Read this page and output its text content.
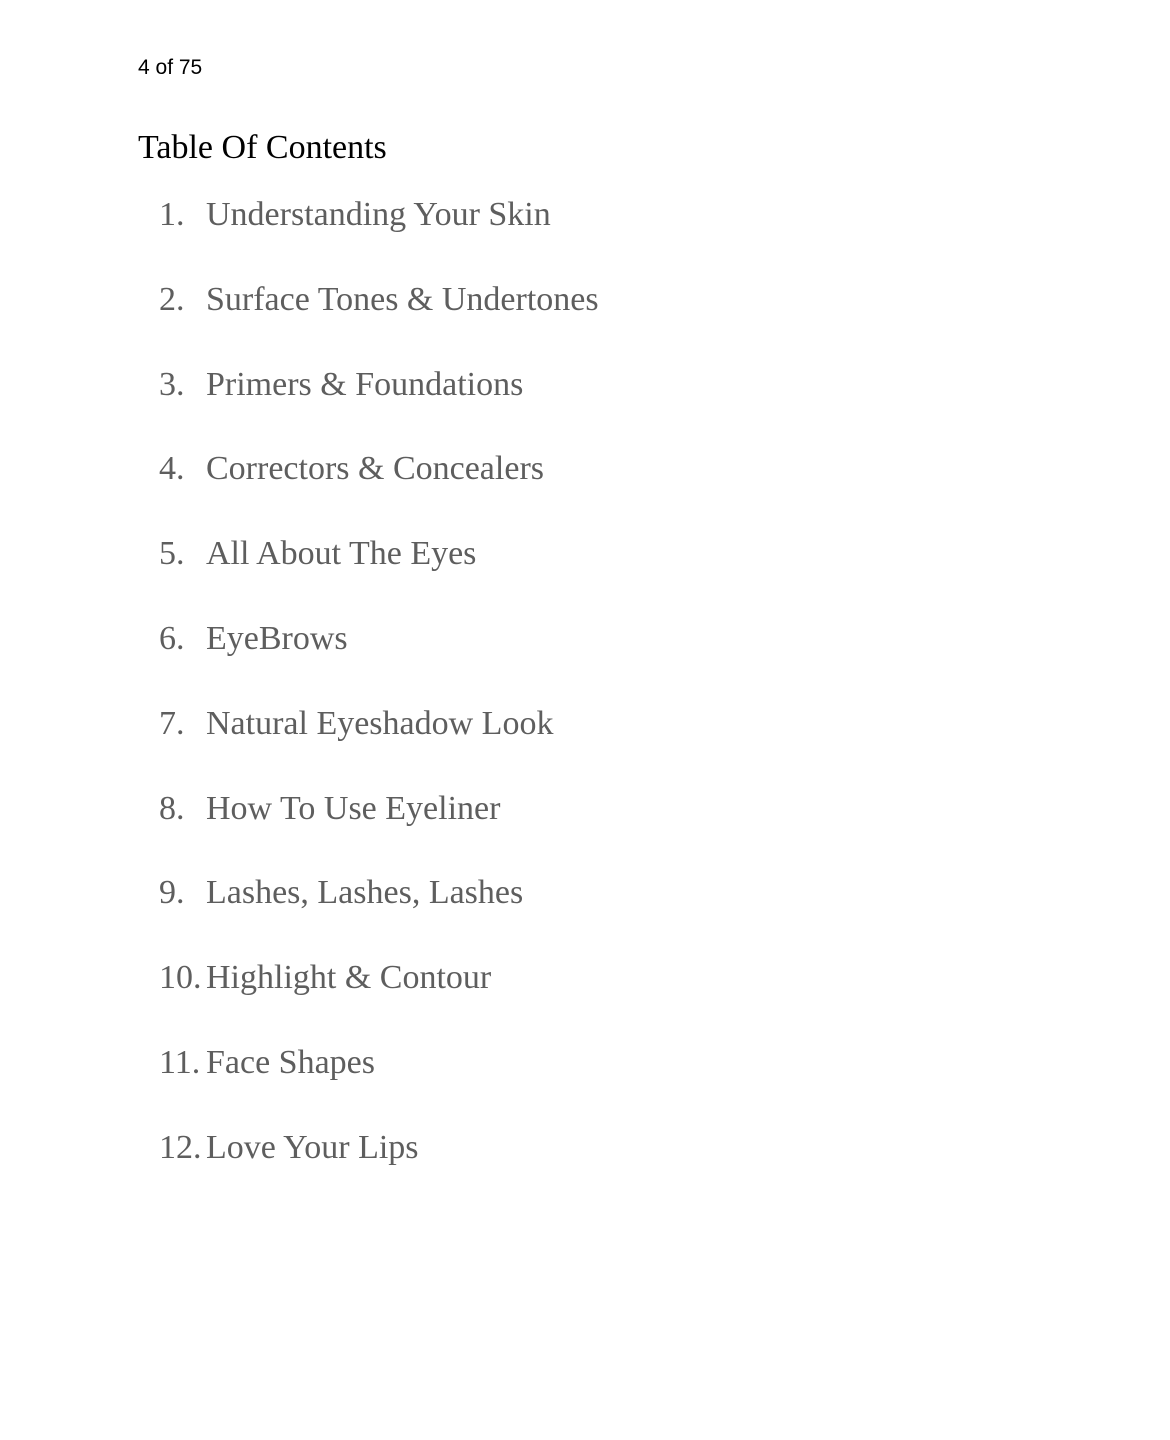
4 of 75
Table Of Contents
1. Understanding Your Skin
2. Surface Tones & Undertones
3. Primers & Foundations
4. Correctors & Concealers
5. All About The Eyes
6. EyeBrows
7. Natural Eyeshadow Look
8. How To Use Eyeliner
9. Lashes, Lashes, Lashes
10. Highlight & Contour
11. Face Shapes
12. Love Your Lips
